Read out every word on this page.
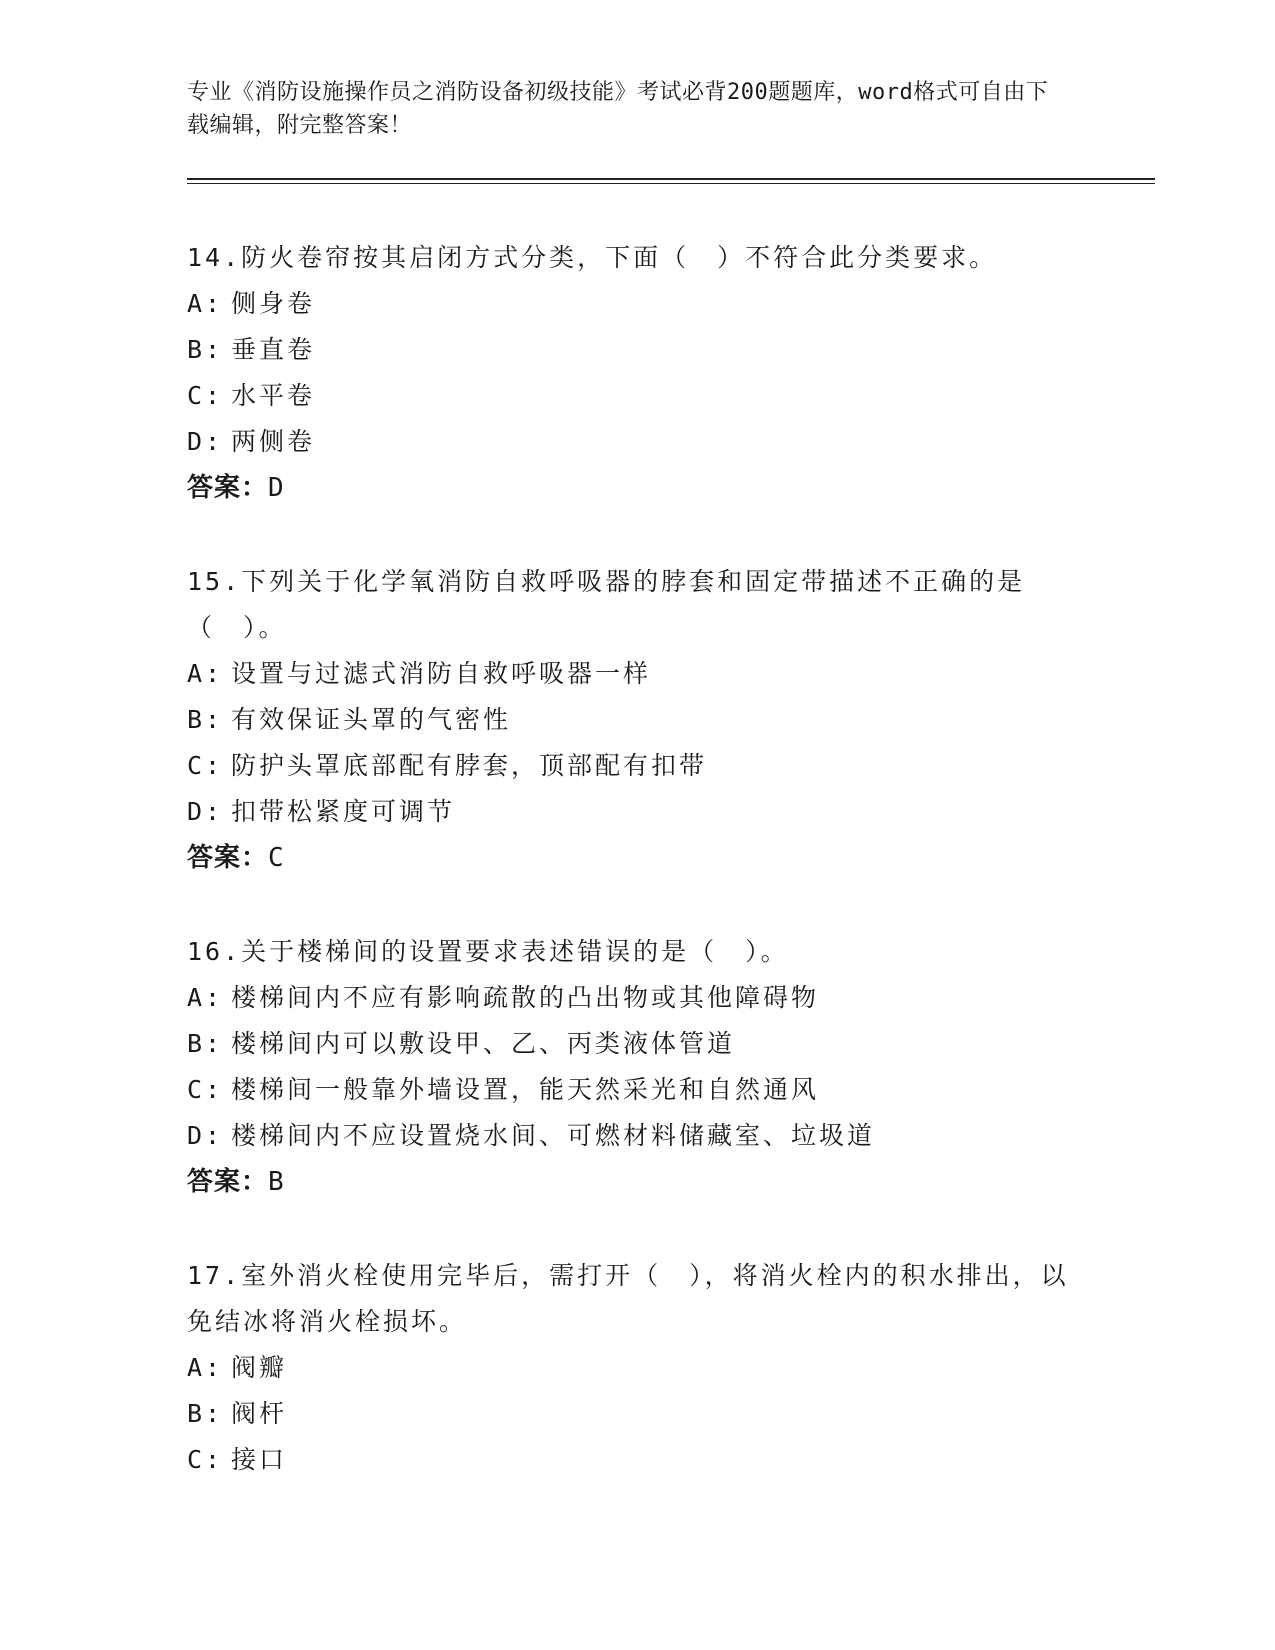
专业《消防设施操作员之消防设备初级技能》考试必背200题题库，word格式可自由下载编辑，附完整答案！

14.防火卷帘按其启闭方式分类，下面（　）不符合此分类要求。

A: 侧身卷

B: 垂直卷

C: 水平卷

D: 两侧卷

答案：D

15.下列关于化学氧消防自救呼吸器的脖套和固定带描述不正确的是（　）。

A: 设置与过滤式消防自救呼吸器一样

B: 有效保证头罩的气密性

C: 防护头罩底部配有脖套，顶部配有扣带

D: 扣带松紧度可调节

答案：C

16.关于楼梯间的设置要求表述错误的是（　）。

A: 楼梯间内不应有影响疏散的凸出物或其他障碍物

B: 楼梯间内可以敷设甲、乙、丙类液体管道

C: 楼梯间一般靠外墙设置，能天然采光和自然通风

D: 楼梯间内不应设置烧水间、可燃材料储藏室、垃圾道

答案：B

17.室外消火栓使用完毕后，需打开（　），将消火栓内的积水排出，以免结冰将消火栓损坏。

A: 阀瓣

B: 阀杆

C: 接口
